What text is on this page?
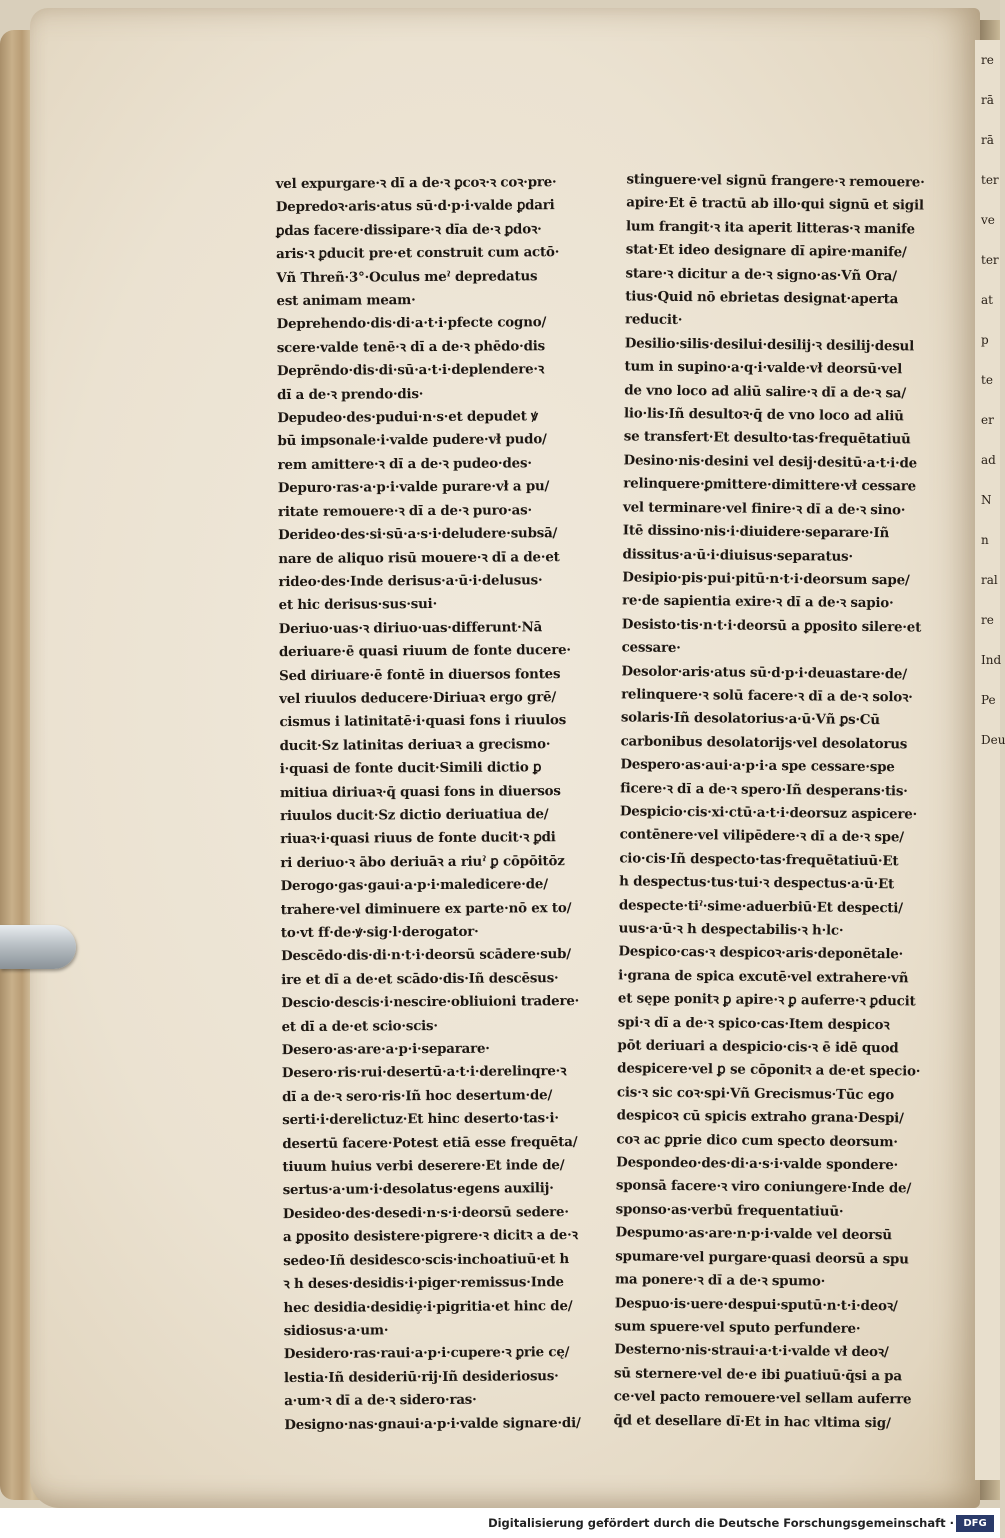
re
rā
rā
ter
ve
ter
at
p
te
er
ad
N
n
ral
re
Ind
Pe
Deu
vel expurgare·ꝛ dı̄ a de·ꝛ ꝑcoꝛ·ꝛ coꝛ·pre·
Depredoꝛ·aris·atus sū·d·p·i·valde ꝑdari
ꝑdas facere·dissipare·ꝛ dı̄a de·ꝛ ꝑdoꝛ·
aris·ꝛ ꝑducit pre·et construit cum actō·
Vñ Threñ·3°·Oculus meˀ depredatus
est animam meam·
Deprehendo·dis·di·a·t·i·pfecte cogno/
scere·valde tenē·ꝛ dı̄ a de·ꝛ phēdo·dis
Deprēndo·dis·di·sū·a·t·i·deplendere·ꝛ
dı̄ a de·ꝛ prendo·dis·
Depudeo·des·pudui·n·s·et depudet ꝟ
bū impsonale·i·valde pudere·vł pudo/
rem amittere·ꝛ dı̄ a de·ꝛ pudeo·des·
Depuro·ras·a·p·i·valde purare·vł a pu/
ritate remouere·ꝛ dı̄ a de·ꝛ puro·as·
Derideo·des·si·sū·a·s·i·deludere·subsā/
nare de aliquo risū mouere·ꝛ dı̄ a de·et
rideo·des·Inde derisus·a·ū·i·delusus·
et hic derisus·sus·sui·
Deriuo·uas·ꝛ diriuo·uas·differunt·Nā
deriuare·ē quasi riuum de fonte ducere·
Sed diriuare·ē fontē in diuersos fontes
vel riuulos deducere·Diriuaꝛ ergo grē/
cismus i latinitatē·i·quasi fons i riuulos
ducit·Sz latinitas deriuaꝛ a grecismo·
i·quasi de fonte ducit·Simili dictio ꝑ
mitiua diriuaꝛ·q̄ quasi fons in diuersos
riuulos ducit·Sz dictio deriuatiua de/
riuaꝛ·i·quasi riuus de fonte ducit·ꝛ ꝑdi
ri deriuo·ꝛ ābo deriuāꝛ a riuˀ ꝑ cōpōitōz
Derogo·gas·gaui·a·p·i·maledicere·de/
trahere·vel diminuere ex parte·nō ex to/
to·vt ff·de·ꝟ·sig·l·derogator·
Descēdo·dis·di·n·t·i·deorsū scādere·sub/
ire et dı̄ a de·et scādo·dis·Iñ descēsus·
Descio·descis·i·nescire·obliuioni tradere·
et dı̄ a de·et scio·scis·
Desero·as·are·a·p·i·separare·
Desero·ris·rui·desertū·a·t·i·derelinqre·ꝛ
dı̄ a de·ꝛ sero·ris·Iñ hoc desertum·de/
serti·i·derelictuz·Et hinc deserto·tas·i·
desertū facere·Potest etiā esse frequēta/
tiuum huius verbi deserere·Et inde de/
sertus·a·um·i·desolatus·egens auxilij·
Desideo·des·desedi·n·s·i·deorsū sedere·
a ꝑposito desistere·pigrere·ꝛ dicitꝛ a de·ꝛ
sedeo·Iñ desidesco·scis·inchoatiuū·et h
ꝛ h deses·desidis·i·piger·remissus·Inde
hec desidia·desidiȩ·i·pigritia·et hinc de/
sidiosus·a·um·
Desidero·ras·raui·a·p·i·cupere·ꝛ ꝑrie cę/
lestia·Iñ desideriū·rij·Iñ desideriosus·
a·um·ꝛ dı̄ a de·ꝛ sidero·ras·
Designo·nas·gnaui·a·p·i·valde signare·di/
stinguere·vel signū frangere·ꝛ remouere·
apire·Et ē tractū ab illo·qui signū et sigil
lum frangit·ꝛ ita aperit litteras·ꝛ manife
stat·Et ideo designare dı̄ apire·manife/
stare·ꝛ dicitur a de·ꝛ signo·as·Vñ Ora/
tius·Quid nō ebrietas designat·aperta
reducit·
Desilio·silis·desilui·desilij·ꝛ desilij·desul
tum in supino·a·q·i·valde·vł deorsū·vel
de vno loco ad aliū salire·ꝛ dı̄ a de·ꝛ sa/
lio·lis·Iñ desultoꝛ·q̄ de vno loco ad aliū
se transfert·Et desulto·tas·frequētatiuū
Desino·nis·desini vel desij·desitū·a·t·i·de
relinquere·ꝑmittere·dimittere·vł cessare
vel terminare·vel finire·ꝛ dı̄ a de·ꝛ sino·
Itē dissino·nis·i·diuidere·separare·Iñ
dissitus·a·ū·i·diuisus·separatus·
Desipio·pis·pui·pitū·n·t·i·deorsum sape/
re·de sapientia exire·ꝛ dı̄ a de·ꝛ sapio·
Desisto·tis·n·t·i·deorsū a ꝑposito silere·et
cessare·
Desolor·aris·atus sū·d·p·i·deuastare·de/
relinquere·ꝛ solū facere·ꝛ dı̄ a de·ꝛ soloꝛ·
solaris·Iñ desolatorius·a·ū·Vñ ꝑs·Cū
carbonibus desolatorijs·vel desolatorus
Despero·as·aui·a·p·i·a spe cessare·spe
ficere·ꝛ dı̄ a de·ꝛ spero·Iñ desperans·tis·
Despicio·cis·xi·ctū·a·t·i·deorsuz aspicere·
contēnere·vel vilipēdere·ꝛ dı̄ a de·ꝛ spe/
cio·cis·Iñ despecto·tas·frequētatiuū·Et
h despectus·tus·tui·ꝛ despectus·a·ū·Et
despecte·tiˀ·sime·aduerbiū·Et despecti/
uus·a·ū·ꝛ h despectabilis·ꝛ h·lc·
Despico·cas·ꝛ despicoꝛ·aris·deponētale·
i·grana de spica excutē·vel extrahere·vñ
et sępe ponitꝛ ꝑ apire·ꝛ ꝑ auferre·ꝛ ꝑducit
spi·ꝛ dı̄ a de·ꝛ spico·cas·Item despicoꝛ
pōt deriuari a despicio·cis·ꝛ ē idē quod
despicere·vel ꝑ se cōponitꝛ a de·et specio·
cis·ꝛ sic coꝛ·spi·Vñ Grecismus·Tūc ego
despicoꝛ cū spicis extraho grana·Despi/
coꝛ ac ꝑprie dico cum specto deorsum·
Despondeo·des·di·a·s·i·valde spondere·
sponsā facere·ꝛ viro coniungere·Inde de/
sponso·as·verbū frequentatiuū·
Despumo·as·are·n·p·i·valde vel deorsū
spumare·vel purgare·quasi deorsū a spu
ma ponere·ꝛ dı̄ a de·ꝛ spumo·
Despuo·is·uere·despui·sputū·n·t·i·deoꝛ/
sum spuere·vel sputo perfundere·
Desterno·nis·straui·a·t·i·valde vł deoꝛ/
sū sternere·vel de·e ibi ꝑuatiuū·q̄si a pa
ce·vel pacto remouere·vel sellam auferre
q̄d et desellare dı̄·Et in hac vltima sig/
Digitalisierung gefördert durch die Deutsche Forschungsgemeinschaft · DFG
